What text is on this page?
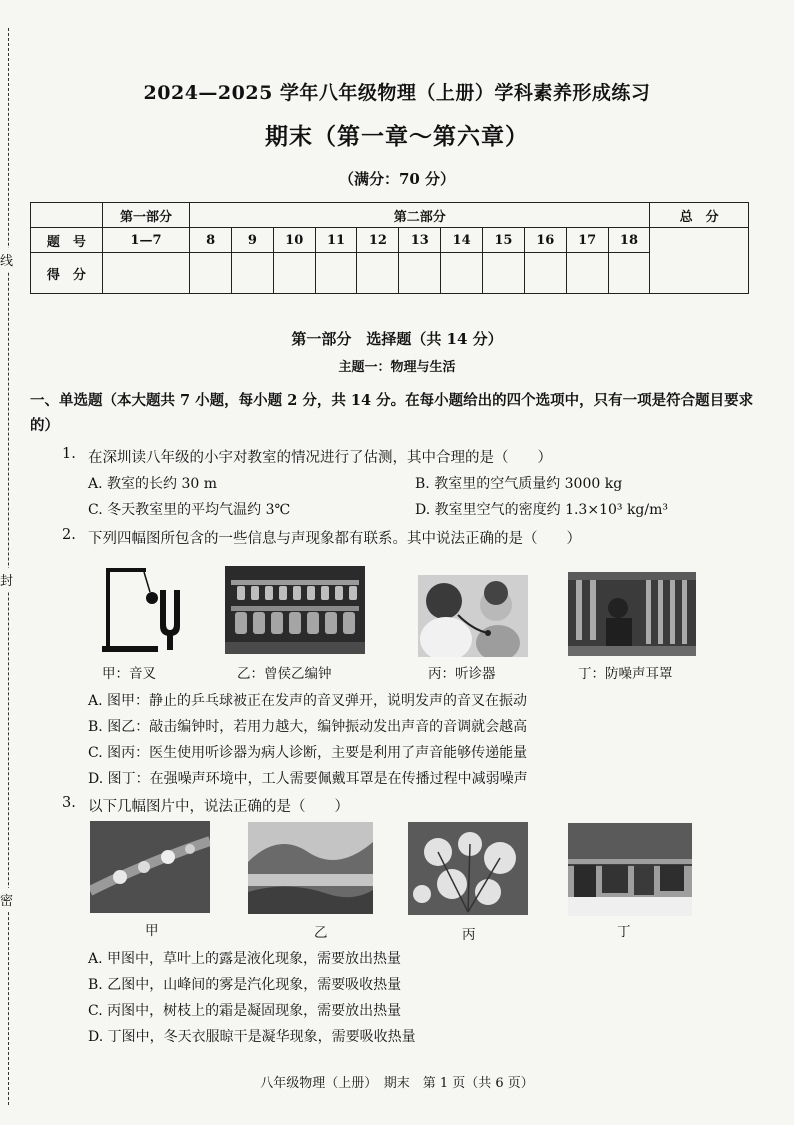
线
封
密
2024—2025 学年八年级物理（上册）学科素养形成练习
期末（第一章～第六章）
（满分：70 分）
	第一部分	第二部分											总　分
题　号	1—7	8	9	10	11	12	13	14	15	16	17	18	
得　分													
第一部分　选择题（共 14 分）
主题一：物理与生活
一、单选题（本大题共 7 小题，每小题 2 分，共 14 分。在每小题给出的四个选项中，只有一项是符合题目要求的）
1. 在深圳读八年级的小宇对教室的情况进行了估测，其中合理的是（　　）
A. 教室的长约 30 m	B. 教室里的空气质量约 3000 kg
C. 冬天教室里的平均气温约 3℃	D. 教室里空气的密度约 1.3×10³ kg/m³
2. 下列四幅图所包含的一些信息与声现象都有联系。其中说法正确的是（　　）
甲：音叉	乙：曾侯乙编钟	丙：听诊器	丁：防噪声耳罩
A. 图甲：静止的乒乓球被正在发声的音叉弹开，说明发声的音叉在振动
B. 图乙：敲击编钟时，若用力越大，编钟振动发出声音的音调就会越高
C. 图丙：医生使用听诊器为病人诊断，主要是利用了声音能够传递能量
D. 图丁：在强噪声环境中，工人需要佩戴耳罩是在传播过程中减弱噪声
3. 以下几幅图片中，说法正确的是（　　）
甲	乙	丙	丁
A. 甲图中，草叶上的露是液化现象，需要放出热量
B. 乙图中，山峰间的雾是汽化现象，需要吸收热量
C. 丙图中，树枝上的霜是凝固现象，需要放出热量
D. 丁图中，冬天衣服晾干是凝华现象，需要吸收热量
八年级物理（上册）　期末　第 1 页（共 6 页）
